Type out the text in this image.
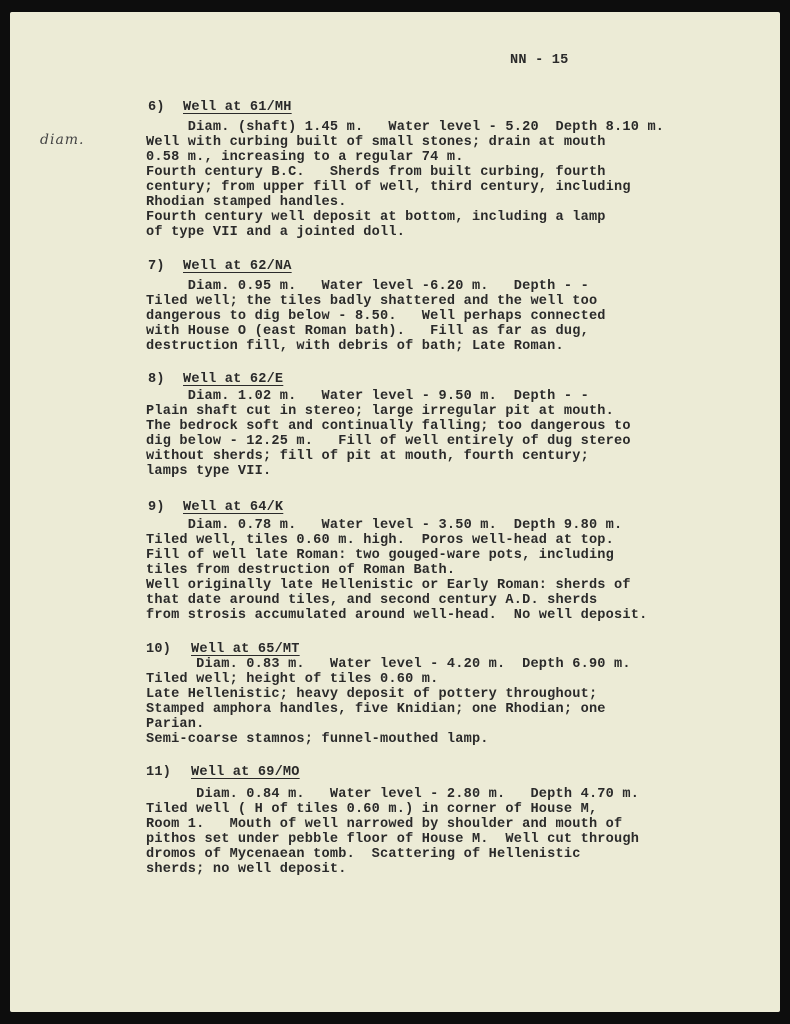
NN - 15
diam.
6) Well at 61/MH
Diam. (shaft) 1.45 m.   Water level - 5.20  Depth 8.10 m.
Well with curbing built of small stones; drain at mouth
0.58 m., increasing to a regular 74 m.
Fourth century B.C.   Sherds from built curbing, fourth
century; from upper fill of well, third century, including
Rhodian stamped handles.
Fourth century well deposit at bottom, including a lamp
of type VII and a jointed doll.
7) Well at 62/NA
Diam. 0.95 m.   Water level -6.20 m.   Depth - -
Tiled well; the tiles badly shattered and the well too
dangerous to dig below - 8.50.   Well perhaps connected
with House O (east Roman bath).   Fill as far as dug,
destruction fill, with debris of bath; Late Roman.
8) Well at 62/E
Diam. 1.02 m.   Water level - 9.50 m.  Depth - -
Plain shaft cut in stereo; large irregular pit at mouth.
The bedrock soft and continually falling; too dangerous to
dig below - 12.25 m.   Fill of well entirely of dug stereo
without sherds; fill of pit at mouth, fourth century;
lamps type VII.
9) Well at 64/K
Diam. 0.78 m.   Water level - 3.50 m.  Depth 9.80 m.
Tiled well, tiles 0.60 m. high.  Poros well-head at top.
Fill of well late Roman: two gouged-ware pots, including
tiles from destruction of Roman Bath.
Well originally late Hellenistic or Early Roman: sherds of
that date around tiles, and second century A.D. sherds
from strosis accumulated around well-head.  No well deposit.
10) Well at 65/MT
Diam. 0.83 m.   Water level - 4.20 m.  Depth 6.90 m.
Tiled well; height of tiles 0.60 m.
Late Hellenistic; heavy deposit of pottery throughout;
Stamped amphora handles, five Knidian; one Rhodian; one
Parian.
Semi-coarse stamnos; funnel-mouthed lamp.
11) Well at 69/MO
Diam. 0.84 m.   Water level - 2.80 m.   Depth 4.70 m.
Tiled well ( H of tiles 0.60 m.) in corner of House M,
Room 1.   Mouth of well narrowed by shoulder and mouth of
pithos set under pebble floor of House M.  Well cut through
dromos of Mycenaean tomb.  Scattering of Hellenistic
sherds; no well deposit.
